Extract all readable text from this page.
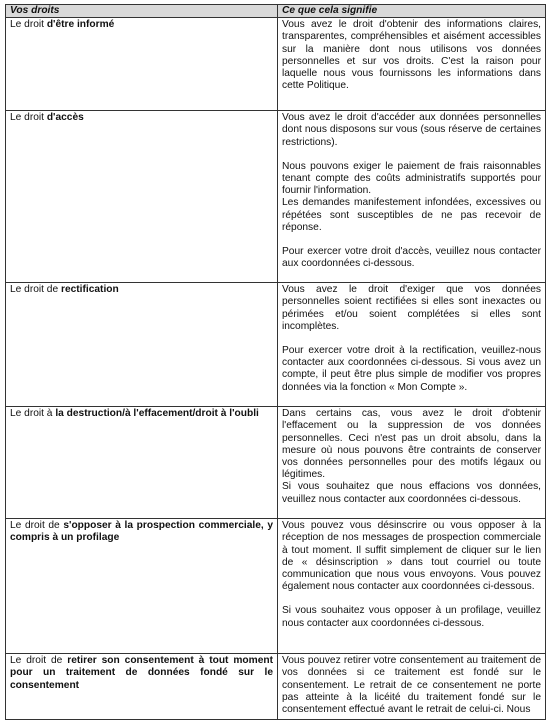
Vos droits	Ce que cela signifie
Le droit d'être informé	Vous avez le droit d'obtenir des informations claires, transparentes, compréhensibles et aisément accessibles sur la manière dont nous utilisons vos données personnelles et sur vos droits. C'est la raison pour laquelle nous vous fournissons les informations dans cette Politique.

Le droit d'accès	Vous avez le droit d'accéder aux données personnelles dont nous disposons sur vous (sous réserve de certaines restrictions).

Nous pouvons exiger le paiement de frais raisonnables tenant compte des coûts administratifs supportés pour fournir l'information.

Les demandes manifestement infondées, excessives ou répétées sont susceptibles de ne pas recevoir de réponse.

Pour exercer votre droit d'accès, veuillez nous contacter aux coordonnées ci-dessous.

Le droit de rectification	Vous avez le droit d'exiger que vos données personnelles soient rectifiées si elles sont inexactes ou périmées et/ou soient complétées si elles sont incomplètes.

Pour exercer votre droit à la rectification, veuillez-nous contacter aux coordonnées ci-dessous. Si vous avez un compte, il peut être plus simple de modifier vos propres données via la fonction « Mon Compte ».

Le droit à la destruction/à l'effacement/droit à l'oubli	Dans certains cas, vous avez le droit d'obtenir l'effacement ou la suppression de vos données personnelles. Ceci n'est pas un droit absolu, dans la mesure où nous pouvons être contraints de conserver vos données personnelles pour des motifs légaux ou légitimes.

Si vous souhaitez que nous effacions vos données, veuillez nous contacter aux coordonnées ci-dessous.

Le droit de s'opposer à la prospection commerciale, y compris à un profilage	Vous pouvez vous désinscrire ou vous opposer à la réception de nos messages de prospection commerciale à tout moment. Il suffit simplement de cliquer sur le lien de « désinscription » dans tout courriel ou toute communication que nous vous envoyons. Vous pouvez également nous contacter aux coordonnées ci-dessous.

Si vous souhaitez vous opposer à un profilage, veuillez nous contacter aux coordonnées ci-dessous.

Le droit de retirer son consentement à tout moment pour un traitement de données fondé sur le consentement	Vous pouvez retirer votre consentement au traitement de vos données si ce traitement est fondé sur le consentement. Le retrait de ce consentement ne porte pas atteinte à la licéité du traitement fondé sur le consentement effectué avant le retrait de celui-ci. Nous
